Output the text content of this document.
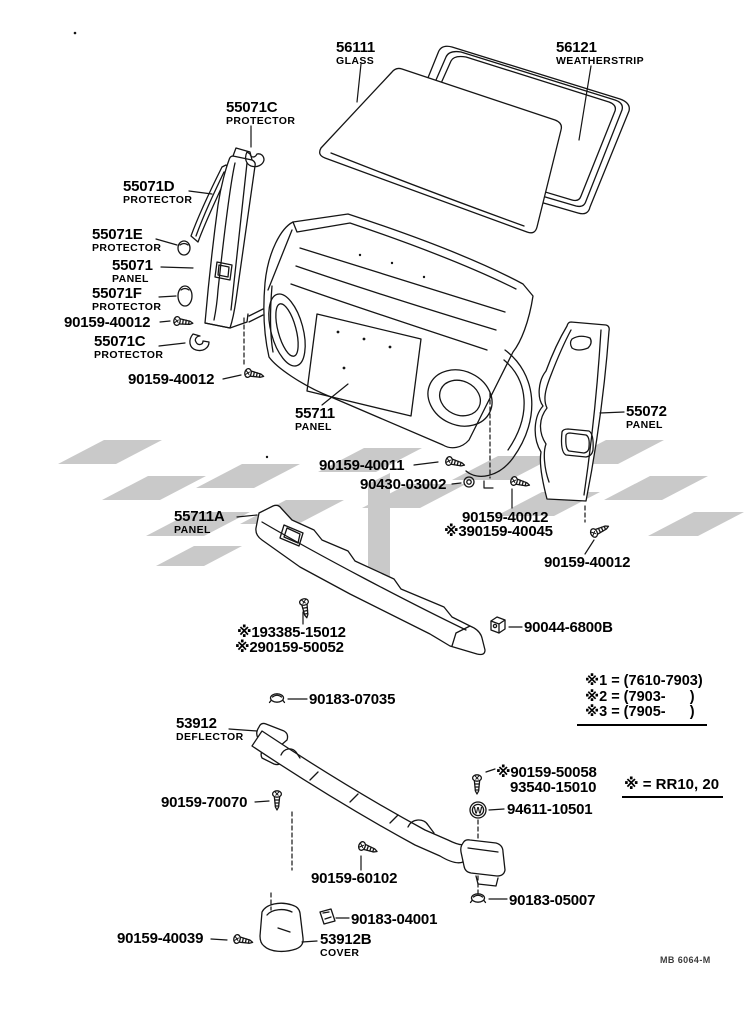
W
56111
GLASS
56121
WEATHERSTRIP
55071C
PROTECTOR
55071D
PROTECTOR
55071E
PROTECTOR
55071
PANEL
55071F
PROTECTOR
90159-40012
55071C
PROTECTOR
90159-40012
55711
PANEL
55072
PANEL
90159-40011
90430-03002
90159-40012
※390159-40045
90159-40012
55711A
PANEL
※193385-15012
※290159-50052
90044-6800B
90183-07035
53912
DEFLECTOR
90159-70070
※90159-50058
93540-15010
94611-10501
90159-60102
90183-05007
90183-04001
90159-40039	53912B
COVER
※1 = (7610-7903)
※2 = (7903-      )
※3 = (7905-      )
※ = RR10, 20
MB 6064-M
